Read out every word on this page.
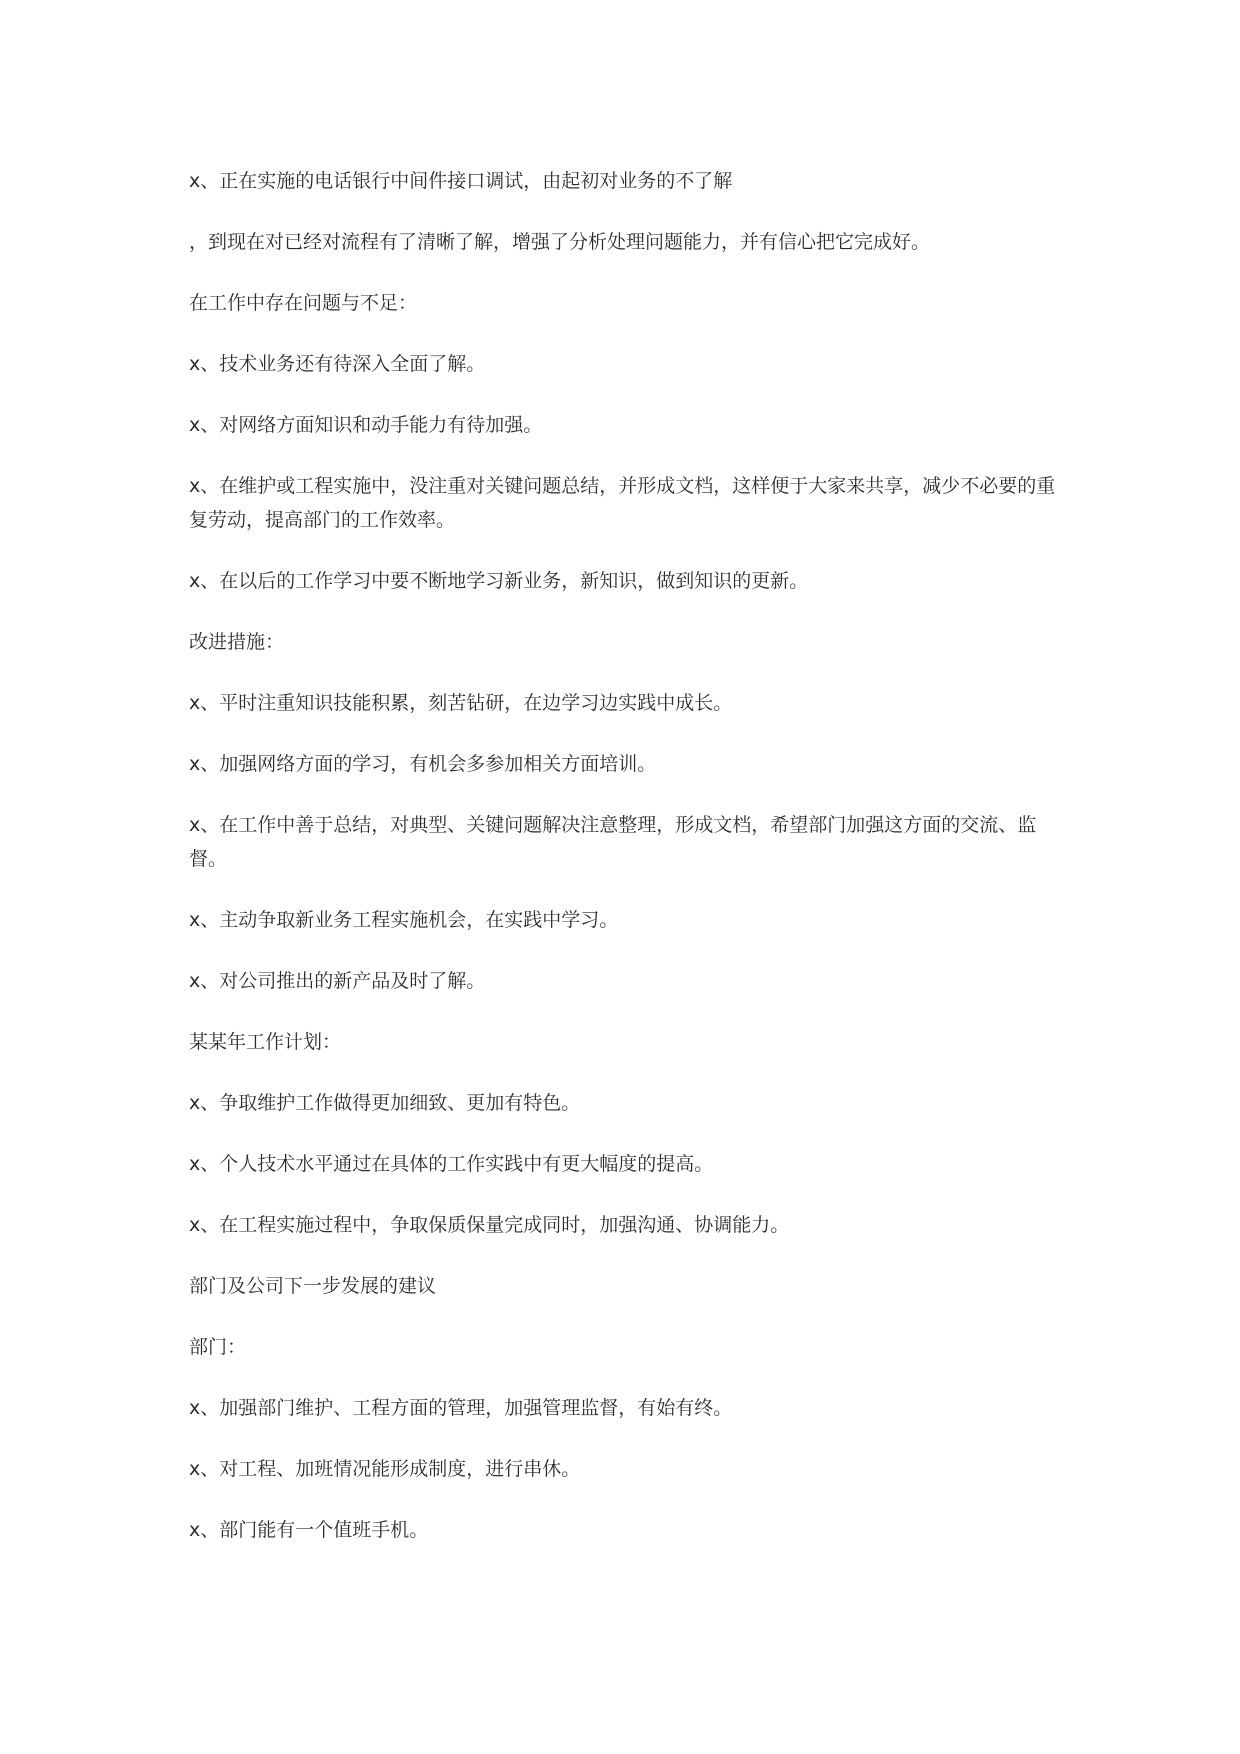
x、正在实施的电话银行中间件接口调试，由起初对业务的不了解

，到现在对已经对流程有了清晰了解，增强了分析处理问题能力，并有信心把它完成好。

在工作中存在问题与不足：

x、技术业务还有待深入全面了解。

x、对网络方面知识和动手能力有待加强。

x、在维护或工程实施中，没注重对关键问题总结，并形成文档，这样便于大家来共享，减少不必要的重复劳动，提高部门的工作效率。

x、在以后的工作学习中要不断地学习新业务，新知识，做到知识的更新。

改进措施：

x、平时注重知识技能积累，刻苦钻研，在边学习边实践中成长。

x、加强网络方面的学习，有机会多参加相关方面培训。

x、在工作中善于总结，对典型、关键问题解决注意整理，形成文档，希望部门加强这方面的交流、监督。

x、主动争取新业务工程实施机会，在实践中学习。

x、对公司推出的新产品及时了解。

某某年工作计划：

x、争取维护工作做得更加细致、更加有特色。

x、个人技术水平通过在具体的工作实践中有更大幅度的提高。

x、在工程实施过程中，争取保质保量完成同时，加强沟通、协调能力。

部门及公司下一步发展的建议

部门：

x、加强部门维护、工程方面的管理，加强管理监督，有始有终。

x、对工程、加班情况能形成制度，进行串休。

x、部门能有一个值班手机。
